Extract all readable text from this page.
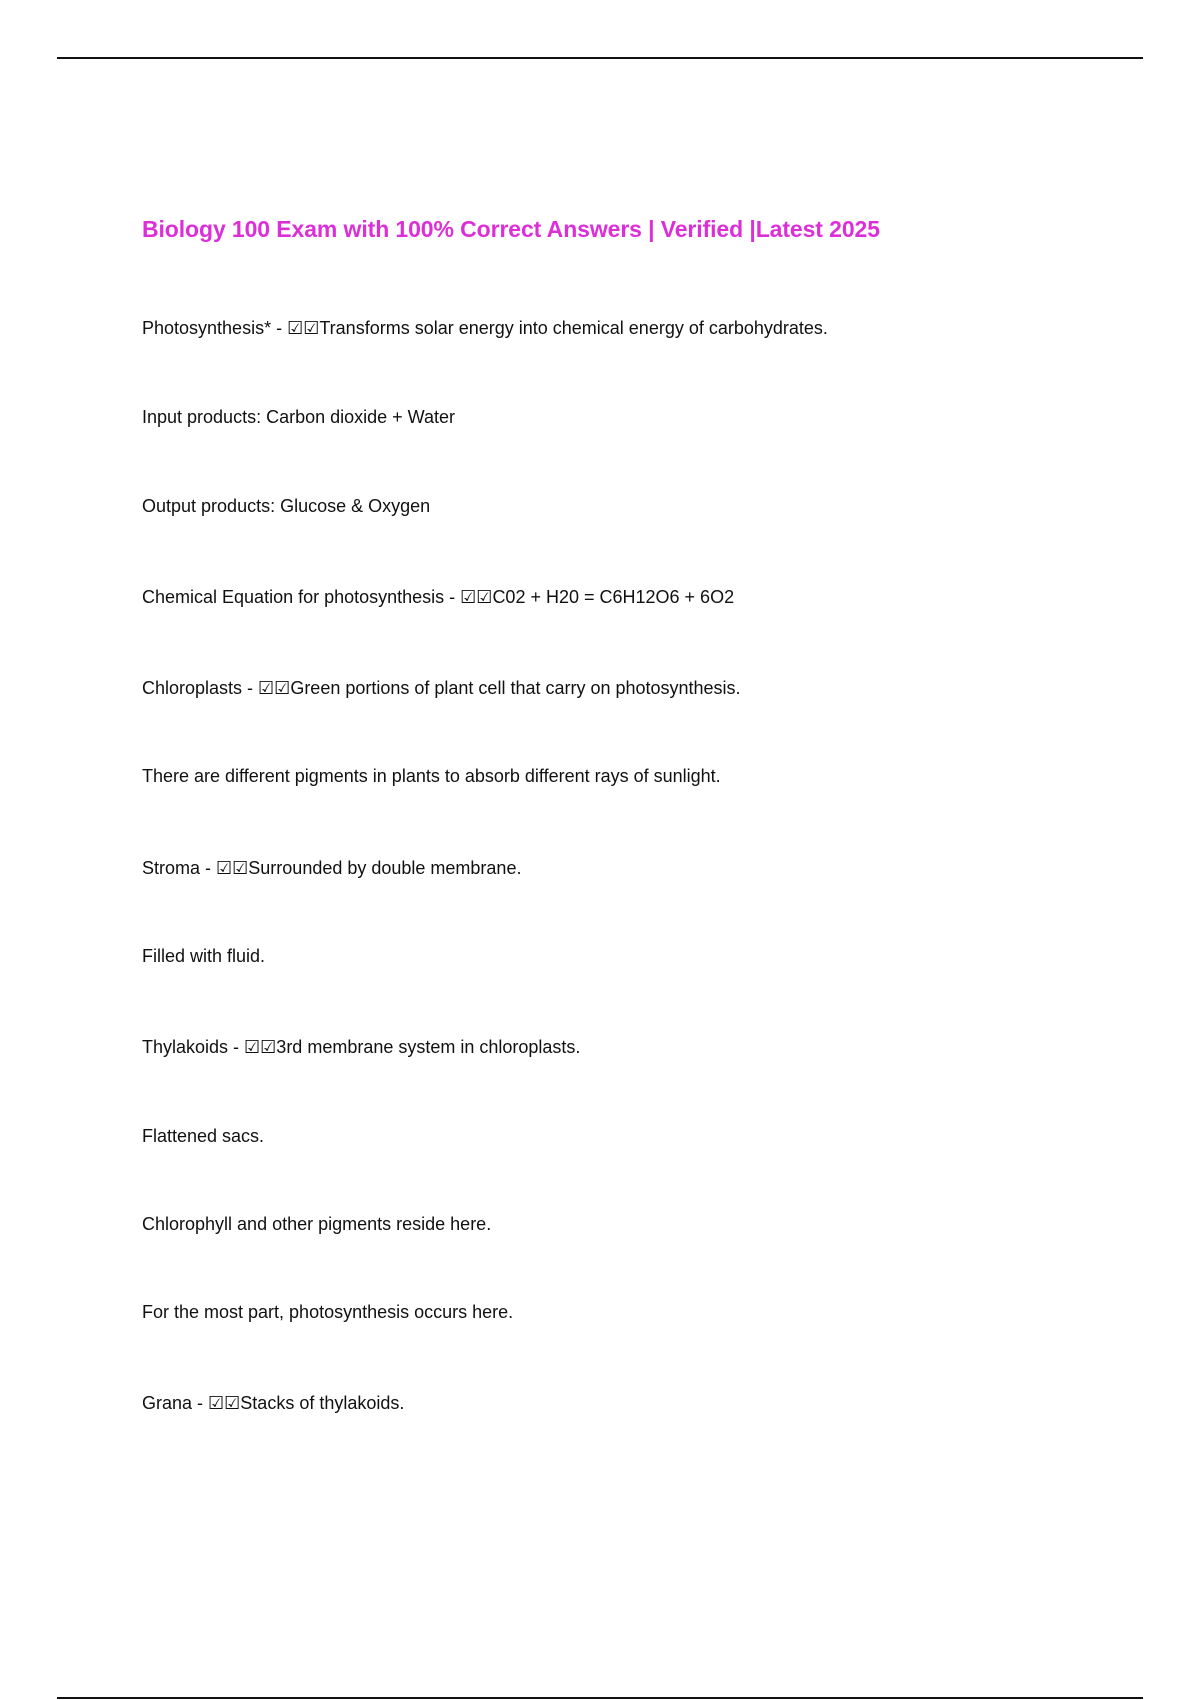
Biology 100 Exam with 100% Correct Answers | Verified |Latest 2025

Photosynthesis* - ☑☑Transforms solar energy into chemical energy of carbohydrates.

Input products: Carbon dioxide + Water

Output products: Glucose & Oxygen

Chemical Equation for photosynthesis - ☑☑C02 + H20 = C6H12O6 + 6O2

Chloroplasts - ☑☑Green portions of plant cell that carry on photosynthesis.

There are different pigments in plants to absorb different rays of sunlight.

Stroma - ☑☑Surrounded by double membrane.

Filled with fluid.

Thylakoids - ☑☑3rd membrane system in chloroplasts.

Flattened sacs.

Chlorophyll and other pigments reside here.

For the most part, photosynthesis occurs here.

Grana - ☑☑Stacks of thylakoids.
